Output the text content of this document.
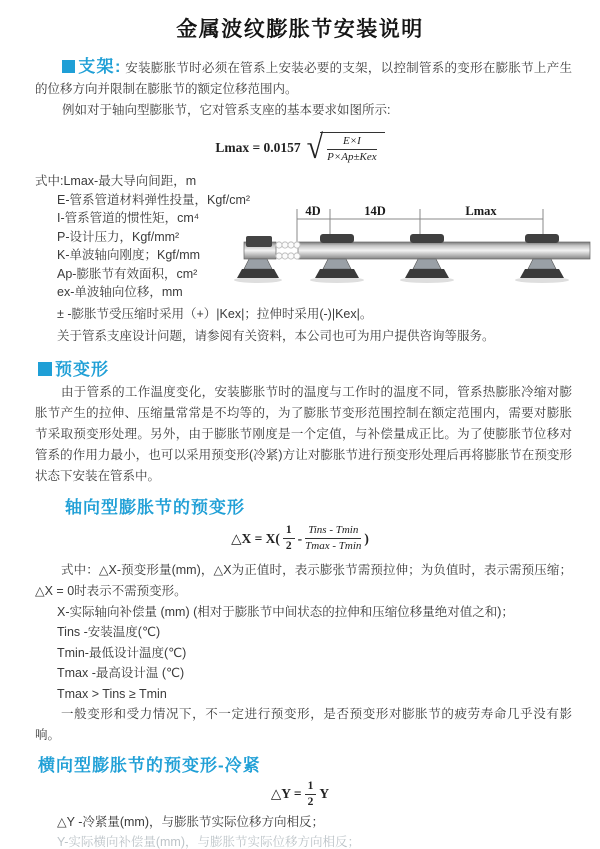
金属波纹膨胀节安装说明
支架: 安装膨胀节时必须在管系上安装必要的支架，以控制管系的变形在膨胀节上产生的位移方向并限制在膨胀节的额定位移范围内。
例如对于轴向型膨胀节，它对管系支座的基本要求如图所示:
Lmax = 0.0157 √ $\frac{E\times I}{\text{P×Ap±Kex}}$
式中:Lmax-最大导向间距，m
E-管系管道材料弹性投量，Kgf/cm²
I-管系管道的惯性矩，cm⁴
P-设计压力，Kgf/mm²
K-单波轴向刚度；Kgf/mm
Ap-膨胀节有效面积，cm²
ex-单波轴向位移，mm
4D	14D	Lmax
± -膨胀节受压缩时采用（+）|Kex|；拉伸时采用(-)|Kex|。
关于管系支座设计问题，请参阅有关资料，本公司也可为用户提供咨询等服务。
预变形
由于管系的工作温度变化，安装膨胀节时的温度与工作时的温度不同，管系热膨胀冷缩对膨胀节产生的拉伸、压缩量常常是不均等的，为了膨胀节变形范围控制在额定范围内，需要对膨胀节采取预变形处理。另外，由于膨胀节刚度是一个定值，与补偿量成正比。为了使膨胀节位移对管系的作用力最小，也可以采用预变形(冷紧)方让对膨胀节进行预变形处理后再将膨胀节在预变形状态下安装在管系中。
轴向型膨胀节的预变形
△X = $X( \frac{1}{2} - \frac{\text{Tins - Tmin}}{Tmax - Tmin}$ )
式中：△X-预变形量(mm)，△X为正值时，表示膨张节需预拉伸；为负值时，表示需预压缩；△X = 0时表示不需预变形。
X-实际轴向补偿量 (mm) (相对于膨胀节中间状态的拉伸和压缩位移量绝对值之和)；
Tins -安装温度(℃)
Tmin-最低设计温度(℃)
Tmax -最高设计温 (℃)
Tmax > Tins ≥ Tmin
一般变形和受力情况下，不一定进行预变形，是否预变形对膨胀节的疲劳寿命几乎没有影响。
横向型膨胀节的预变形-冷紧
△Y = $\frac{1}{2}$ Y
△Y -冷紧量(mm)，与膨胀节实际位移方向相反；
Y-实际横向补偿量(mm)，与膨胀节实际位移方向相反；
